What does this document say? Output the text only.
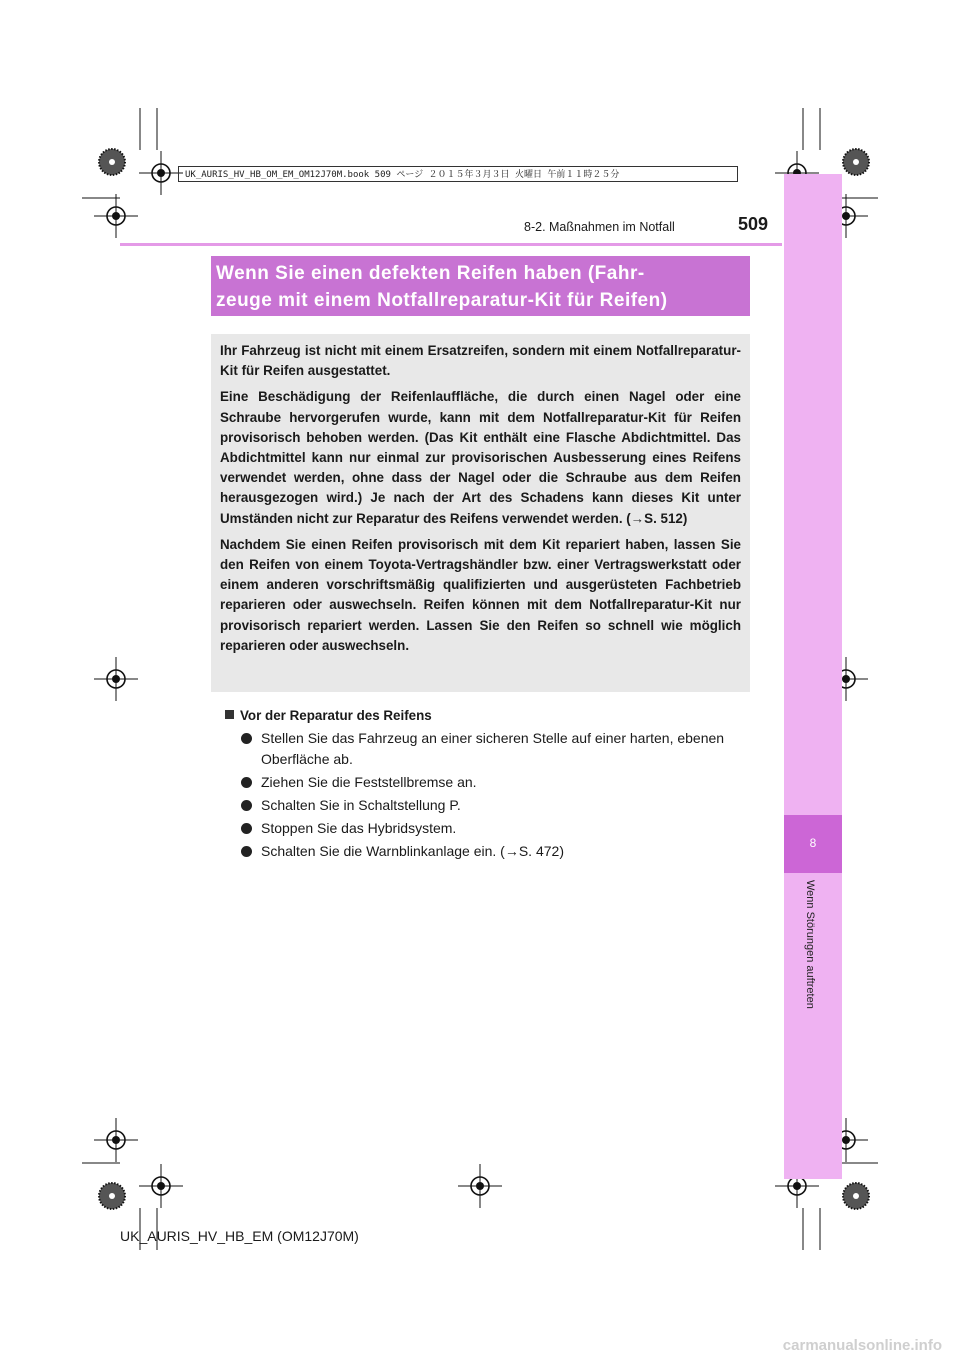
8
Wenn Störungen auftreten
UK_AURIS_HV_HB_OM_EM_OM12J70M.book 509 ページ ２０１５年３月３日 火曜日 午前１１時２５分
8-2. Maßnahmen im Notfall	509
Wenn Sie einen defekten Reifen haben (Fahr-
zeuge mit einem Notfallreparatur-Kit für Reifen)

Ihr Fahrzeug ist nicht mit einem Ersatzreifen, sondern mit einem Notfallreparatur-Kit für Reifen ausgestattet.

Eine Beschädigung der Reifenlauffläche, die durch einen Nagel oder eine Schraube hervorgerufen wurde, kann mit dem Notfallreparatur-Kit für Reifen provisorisch behoben werden. (Das Kit enthält eine Flasche Abdichtmittel. Das Abdichtmittel kann nur einmal zur provisorischen Ausbesserung eines Reifens verwendet werden, ohne dass der Nagel oder die Schraube aus dem Reifen herausgezogen wird.) Je nach der Art des Schadens kann dieses Kit unter Umständen nicht zur Reparatur des Reifens verwendet werden. (→S. 512)

Nachdem Sie einen Reifen provisorisch mit dem Kit repariert haben, lassen Sie den Reifen von einem Toyota-Vertragshändler bzw. einer Vertragswerkstatt oder einem anderen vorschriftsmäßig qualifizierten und ausgerüsteten Fachbetrieb reparieren oder auswechseln. Reifen können mit dem Notfallreparatur-Kit nur provisorisch repariert werden. Lassen Sie den Reifen so schnell wie möglich reparieren oder auswechseln.

Vor der Reparatur des Reifens
Stellen Sie das Fahrzeug an einer sicheren Stelle auf einer harten, ebenen Oberfläche ab.
Ziehen Sie die Feststellbremse an.
Schalten Sie in Schaltstellung P.
Stoppen Sie das Hybridsystem.
Schalten Sie die Warnblinkanlage ein. (→S. 472)
UK_AURIS_HV_HB_EM (OM12J70M)
carmanualsonline.info
